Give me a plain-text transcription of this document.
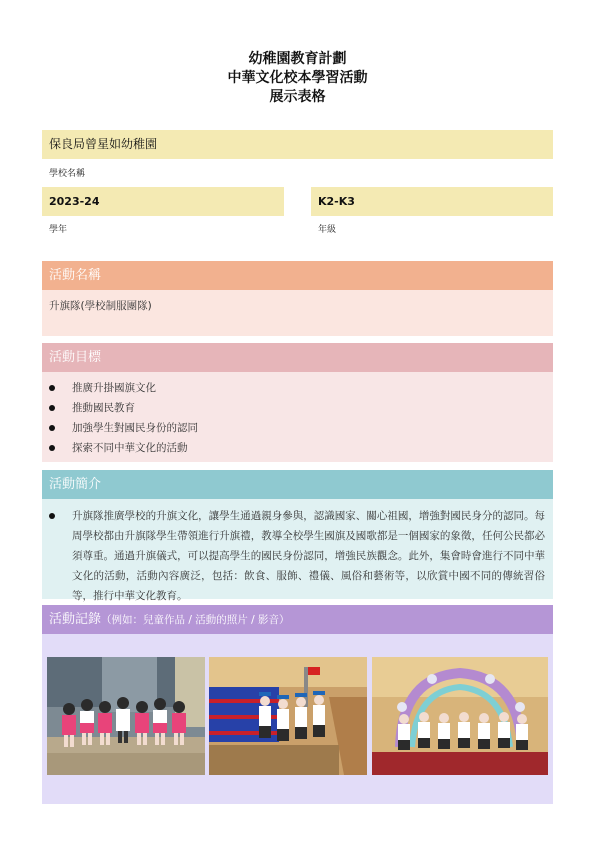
幼稚園教育計劃
中華文化校本學習活動
展示表格
保良局曾星如幼稚園
學校名稱
2023-24
學年
K2-K3
年級
活動名稱
升旗隊(學校制服團隊)
活動目標
推廣升掛國旗文化
推動國民教育
加強學生對國民身份的認同
探索不同中華文化的活動
活動簡介
升旗隊推廣學校的升旗文化，讓學生通過親身參與，認識國家、關心祖國，增強對國民身分的認同。每周學校都由升旗隊學生帶領進行升旗禮，教導全校學生國旗及國歌都是一個國家的象徵，任何公民都必須尊重。通過升旗儀式，可以提高學生的國民身份認同，增強民族觀念。此外，集會時會進行不同中華文化的活動，活動內容廣泛，包括：飲食、服飾、禮儀、風俗和藝術等，以欣賞中國不同的傳統習俗等，推行中華文化教育。
活動記錄（例如：兒童作品 / 活動的照片 / 影音）
